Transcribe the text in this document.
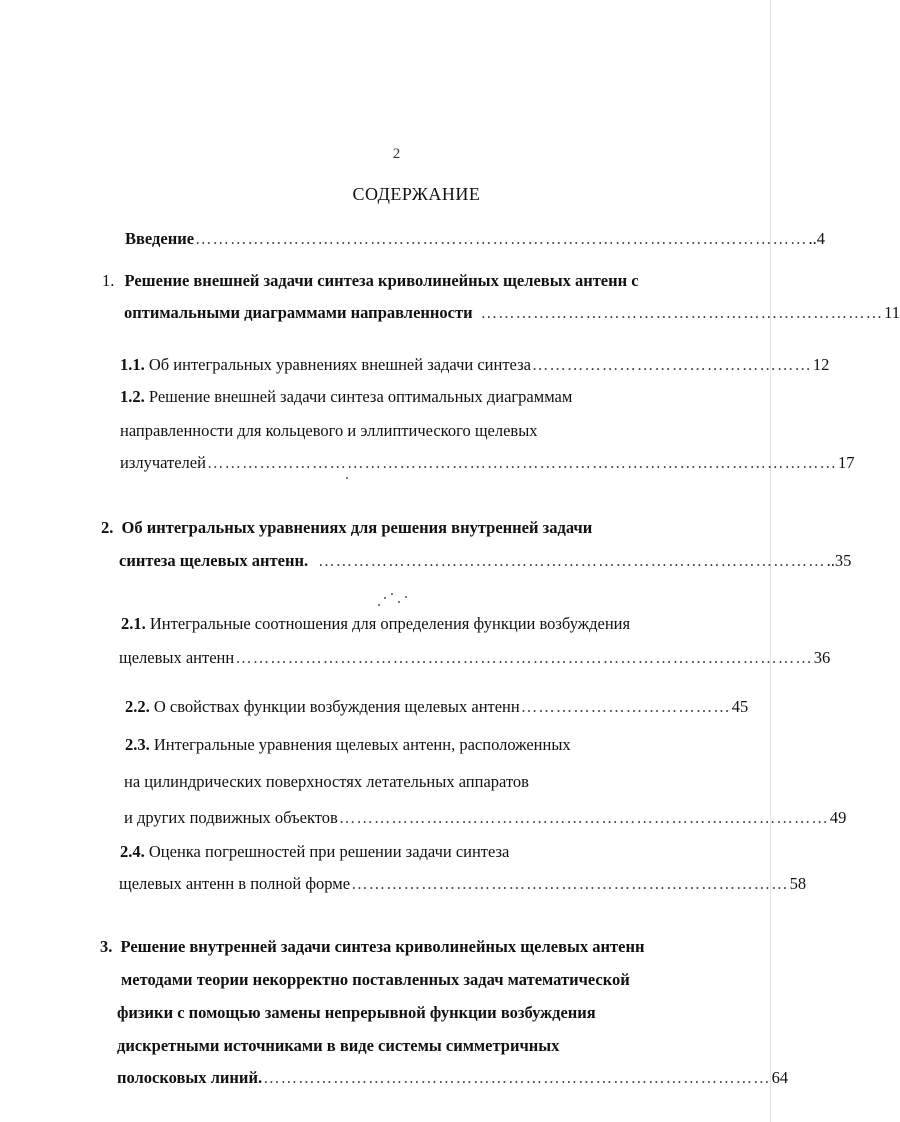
2
СОДЕРЖАНИЕ
Введение …………………………………………………………………………………………… ..4
1. Решение внешней задачи синтеза криволинейных щелевых антенн с
оптимальными диаграммами направленности …………………………………………………………… 11
1.1. Об интегральных уравнениях внешней задачи синтеза ………………………………………… 12
1.2. Решение внешней задачи синтеза оптимальных диаграммам
направленности для кольцевого и эллиптического щелевых
излучателей ……………………………………………………………………………………………… 17
2. Об интегральных уравнениях для решения внутренней задачи
синтеза щелевых антенн. …………………………………………………………………………… ..35
2.1. Интегральные соотношения для определения функции возбуждения
щелевых антенн ……………………………………………………………………………………… 36
2.2. О свойствах функции возбуждения щелевых антенн ……………………………… 45
2.3. Интегральные уравнения щелевых антенн, расположенных
на цилиндрических поверхностях летательных аппаратов
и других подвижных объектов ………………………………………………………………………… 49
2.4. Оценка погрешностей при решении задачи синтеза
щелевых антенн в полной форме ………………………………………………………………… 58
3. Решение внутренней задачи синтеза криволинейных щелевых антенн
методами теории некорректно поставленных задач математической
физики с помощью замены непрерывной функции возбуждения
дискретными источниками в виде системы симметричных
полосковых линий. …………………………………………………………………………… 64
